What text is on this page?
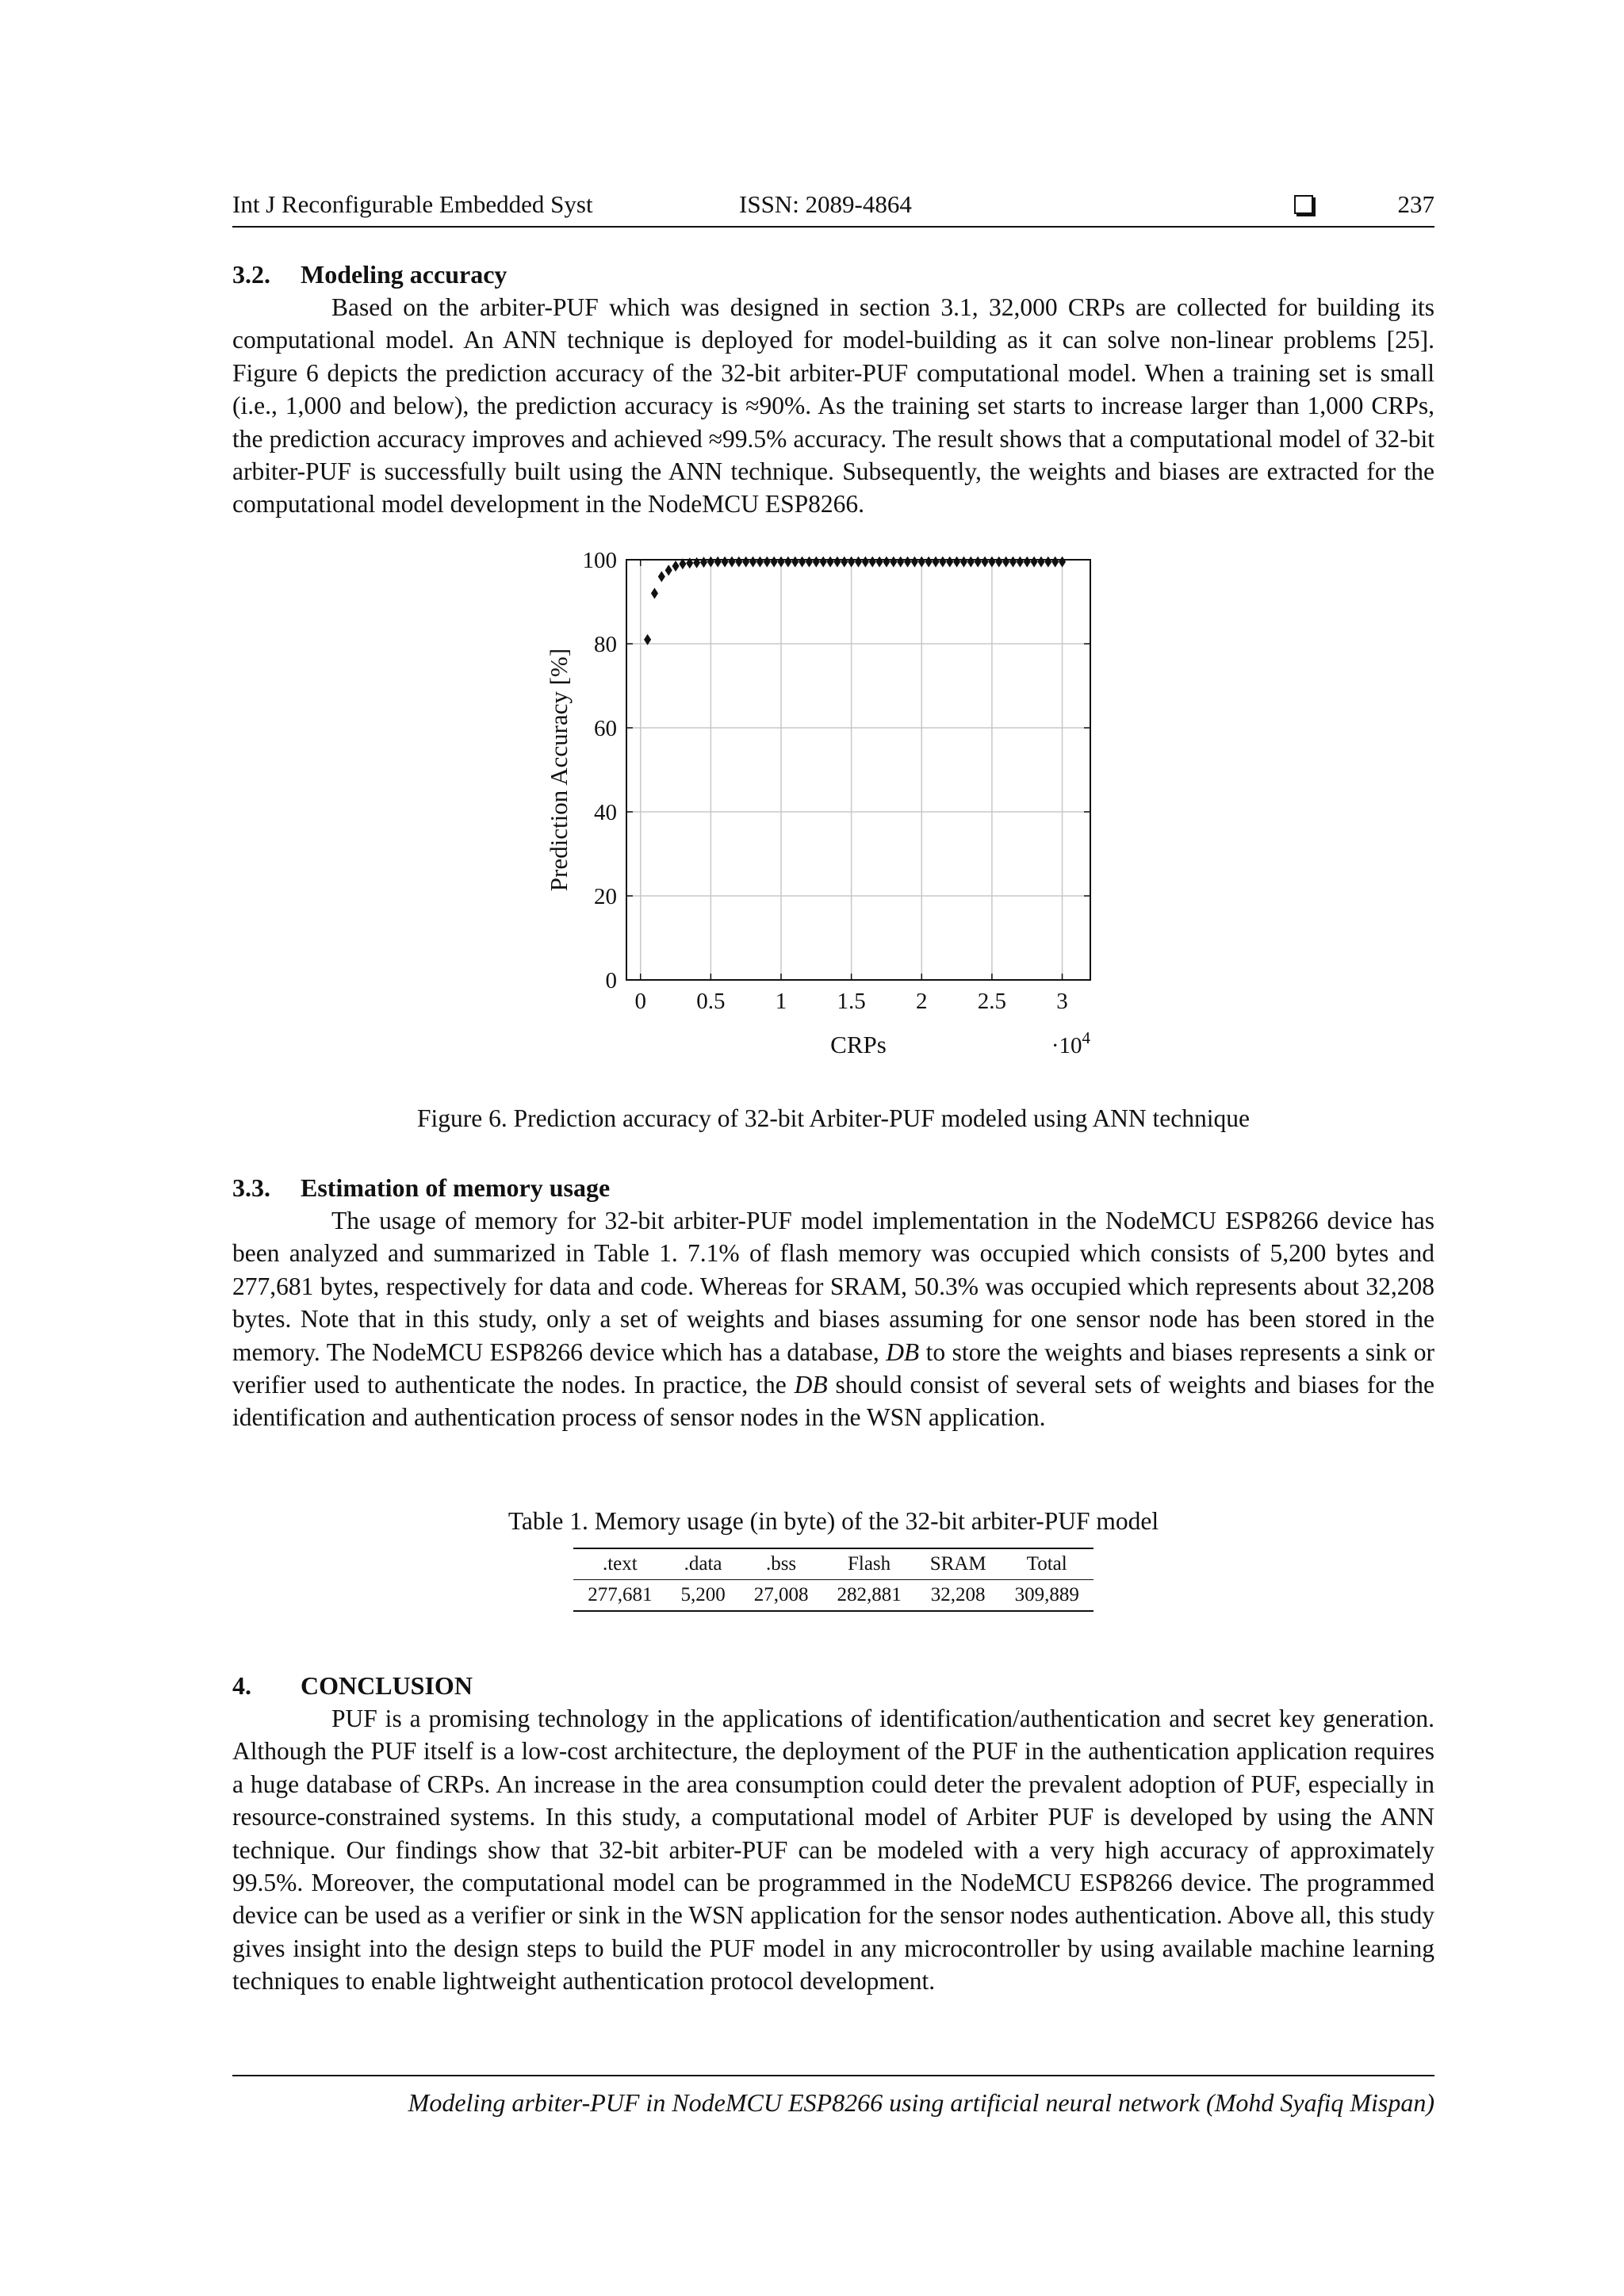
Int J Reconfigurable Embedded Syst	ISSN: 2089-4864	237
3.2. Modeling accuracy

Based on the arbiter-PUF which was designed in section 3.1, 32,000 CRPs are collected for building its computational model. An ANN technique is deployed for model-building as it can solve non-linear problems [25]. Figure 6 depicts the prediction accuracy of the 32-bit arbiter-PUF computational model. When a training set is small (i.e., 1,000 and below), the prediction accuracy is ≈90%. As the training set starts to increase larger than 1,000 CRPs, the prediction accuracy improves and achieved ≈99.5% accuracy. The result shows that a computational model of 32-bit arbiter-PUF is successfully built using the ANN technique. Subsequently, the weights and biases are extracted for the computational model development in the NodeMCU ESP8266.

0 0.5 1 1.5 2 2.5 3
0
20
40
60
80
100
CRPs
Prediction Accuracy [%]
$\cdot 10^4$
Figure 6. Prediction accuracy of 32-bit Arbiter-PUF modeled using ANN technique
3.3. Estimation of memory usage

The usage of memory for 32-bit arbiter-PUF model implementation in the NodeMCU ESP8266 device has been analyzed and summarized in Table 1. 7.1% of flash memory was occupied which consists of 5,200 bytes and 277,681 bytes, respectively for data and code. Whereas for SRAM, 50.3% was occupied which represents about 32,208 bytes. Note that in this study, only a set of weights and biases assuming for one sensor node has been stored in the memory. The NodeMCU ESP8266 device which has a database, DB to store the weights and biases represents a sink or verifier used to authenticate the nodes. In practice, the DB should consist of several sets of weights and biases for the identification and authentication process of sensor nodes in the WSN application.

Table 1. Memory usage (in byte) of the 32-bit arbiter-PUF model
.text	.data	.bss	Flash	SRAM	Total
277,681	5,200	27,008	282,881	32,208	309,889
4. CONCLUSION

PUF is a promising technology in the applications of identification/authentication and secret key generation. Although the PUF itself is a low-cost architecture, the deployment of the PUF in the authentication application requires a huge database of CRPs. An increase in the area consumption could deter the prevalent adoption of PUF, especially in resource-constrained systems. In this study, a computational model of Arbiter PUF is developed by using the ANN technique. Our findings show that 32-bit arbiter-PUF can be modeled with a very high accuracy of approximately 99.5%. Moreover, the computational model can be programmed in the NodeMCU ESP8266 device. The programmed device can be used as a verifier or sink in the WSN application for the sensor nodes authentication. Above all, this study gives insight into the design steps to build the PUF model in any microcontroller by using available machine learning techniques to enable lightweight authentication protocol development.

Modeling arbiter-PUF in NodeMCU ESP8266 using artificial neural network (Mohd Syafiq Mispan)
